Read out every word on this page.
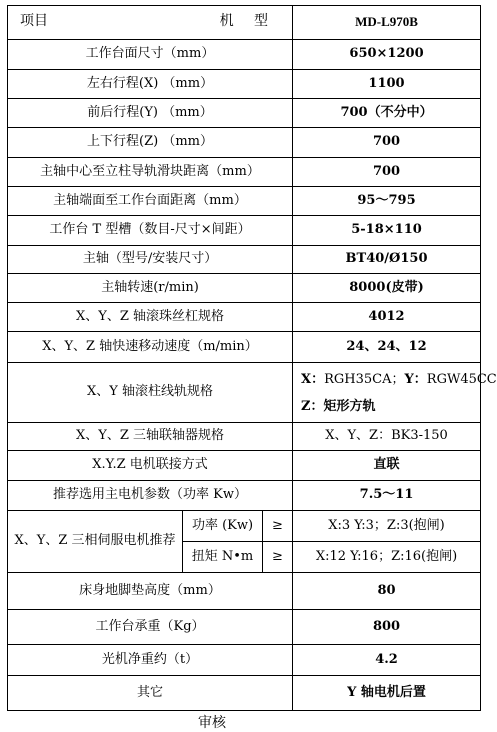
项目 机 型			MD-L970B
工作台面尺寸（mm）			650×1200
左右行程(X) （mm）			1100
前后行程(Y) （mm）			700（不分中）
上下行程(Z) （mm）			700
主轴中心至立柱导轨滑块距离（mm）			700
主轴端面至工作台面距离（mm）			95～795
工作台 T 型槽（数目-尺寸×间距）			5-18×110
主轴（型号/安装尺寸）			BT40/Ø150
主轴转速(r/min)			8000(皮带)
X、Y、Z 轴滚珠丝杠规格			4012
X、Y、Z 轴快速移动速度（m/min）			24、24、12
X、Y 轴滚柱线轨规格			X：RGH35CA；Y：RGW45CC
Z：矩形方轨

X、Y、Z 三轴联轴器规格			X、Y、Z：BK3-150
X.Y.Z 电机联接方式			直联
推荐选用主电机参数（功率 Kw）			7.5～11
X、Y、Z 三相伺服电机推荐	功率 (Kw)	≥	X:3 Y:3；Z:3(抱闸)
	扭矩 N•m	≥	X:12 Y:16；Z:16(抱闸)
床身地脚垫高度（mm）			80
工作台承重（Kg）			800
光机净重约（t）			4.2
其它			Y 轴电机后置
审核
